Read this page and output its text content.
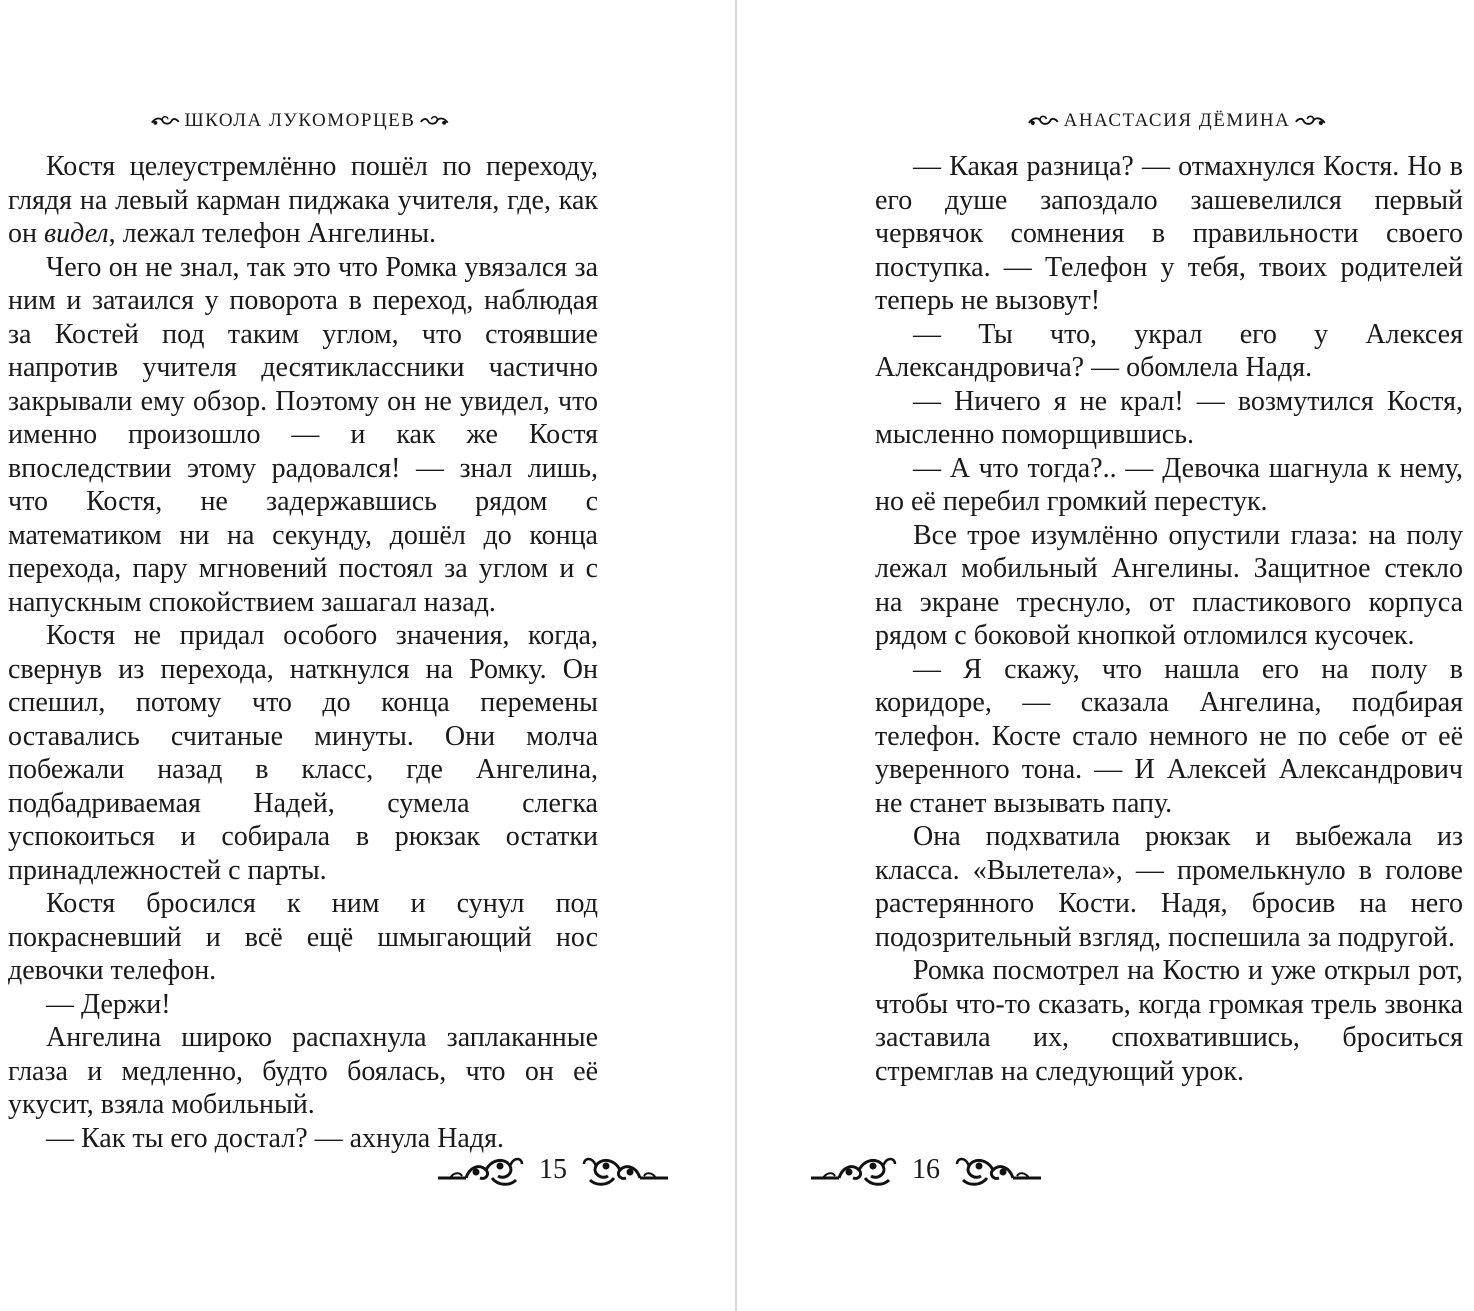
ШКОЛА ЛУКОМОРЦЕВ

Костя целеустремлённо пошёл по переходу, глядя на левый карман пиджака учителя, где, как он видел, лежал телефон Ангелины.

Чего он не знал, так это что Ромка увязался за ним и затаился у поворота в переход, наблюдая за Костей под таким углом, что стоявшие напротив учителя десятиклассники частично закрывали ему обзор. Поэтому он не увидел, что именно произошло — и как же Костя впоследствии этому радовался! — знал лишь, что Костя, не задержавшись рядом с математиком ни на секунду, дошёл до конца перехода, пару мгновений постоял за углом и с напускным спокойствием зашагал назад.

Костя не придал особого значения, когда, свернув из перехода, наткнулся на Ромку. Он спешил, потому что до конца перемены оставались считаные минуты. Они молча побежали назад в класс, где Ангелина, подбадриваемая Надей, сумела слегка успокоиться и собирала в рюкзак остатки принадлежностей с парты.

Костя бросился к ним и сунул под покрасневший и всё ещё шмыгающий нос девочки телефон.

— Держи!

Ангелина широко распахнула заплаканные глаза и медленно, будто боялась, что он её укусит, взяла мобильный.

— Как ты его достал? — ахнула Надя.

15
АНАСТАСИЯ ДЁМИНА

— Какая разница? — отмахнулся Костя. Но в его душе запоздало зашевелился первый червячок сомнения в правильности своего поступка. — Телефон у тебя, твоих родителей теперь не вызовут!

— Ты что, украл его у Алексея Александровича? — обомлела Надя.

— Ничего я не крал! — возмутился Костя, мысленно поморщившись.

— А что тогда?.. — Девочка шагнула к нему, но её перебил громкий перестук.

Все трое изумлённо опустили глаза: на полу лежал мобильный Ангелины. Защитное стекло на экране треснуло, от пластикового корпуса рядом с боковой кнопкой отломился кусочек.

— Я скажу, что нашла его на полу в коридоре, — сказала Ангелина, подбирая телефон. Косте стало немного не по себе от её уверенного тона. — И Алексей Александрович не станет вызывать папу.

Она подхватила рюкзак и выбежала из класса. «Вылетела», — промелькнуло в голове растерянного Кости. Надя, бросив на него подозрительный взгляд, поспешила за подругой.

Ромка посмотрел на Костю и уже открыл рот, чтобы что-то сказать, когда громкая трель звонка заставила их, спохватившись, броситься стремглав на следующий урок.

16
